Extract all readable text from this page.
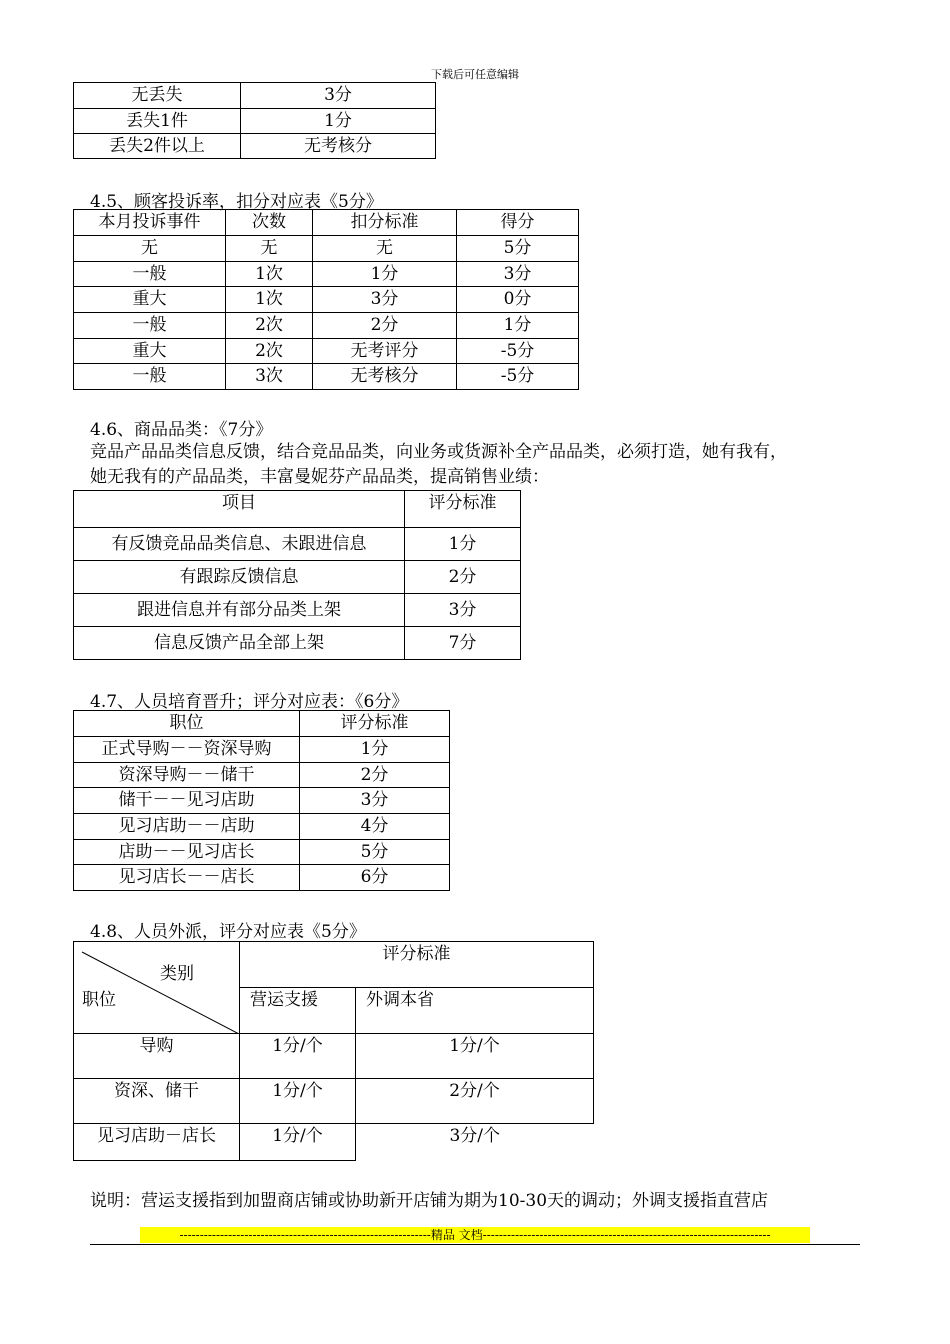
下载后可任意编辑
无丢失	3分
丢失1件	1分
丢失2件以上	无考核分
4.5、顾客投诉率，扣分对应表《5分》
本月投诉事件	次数	扣分标准	得分
无	无	无	5分
一般	1次	1分	3分
重大	1次	3分	0分
一般	2次	2分	1分
重大	2次	无考评分	-5分
一般	3次	无考核分	-5分
4.6、商品品类：《7分》
竞品产品品类信息反馈，结合竞品品类，向业务或货源补全产品品类，必须打造，她有我有，
她无我有的产品品类，丰富曼妮芬产品品类，提高销售业绩：
项目	评分标准
有反馈竞品品类信息、未跟进信息	1分
有跟踪反馈信息	2分
跟进信息并有部分品类上架	3分
信息反馈产品全部上架	7分
4.7、人员培育晋升；评分对应表：《6分》
职位	评分标准
正式导购－－资深导购	1分
资深导购－－储干	2分
储干－－见习店助	3分
见习店助－－店助	4分
店助－－见习店长	5分
见习店长－－店长	6分
4.8、人员外派，评分对应表《5分》
类别
职位	评分标准	
	营运支援	外调本省
导购	1分/个	1分/个
资深、储干	1分/个	2分/个
见习店助－店长	1分/个	3分/个
说明：营运支援指到加盟商店铺或协助新开店铺为期为10-30天的调动；外调支援指直营店
--------------------------------------------------------------精品 文档-----------------------------------------------------------------------
